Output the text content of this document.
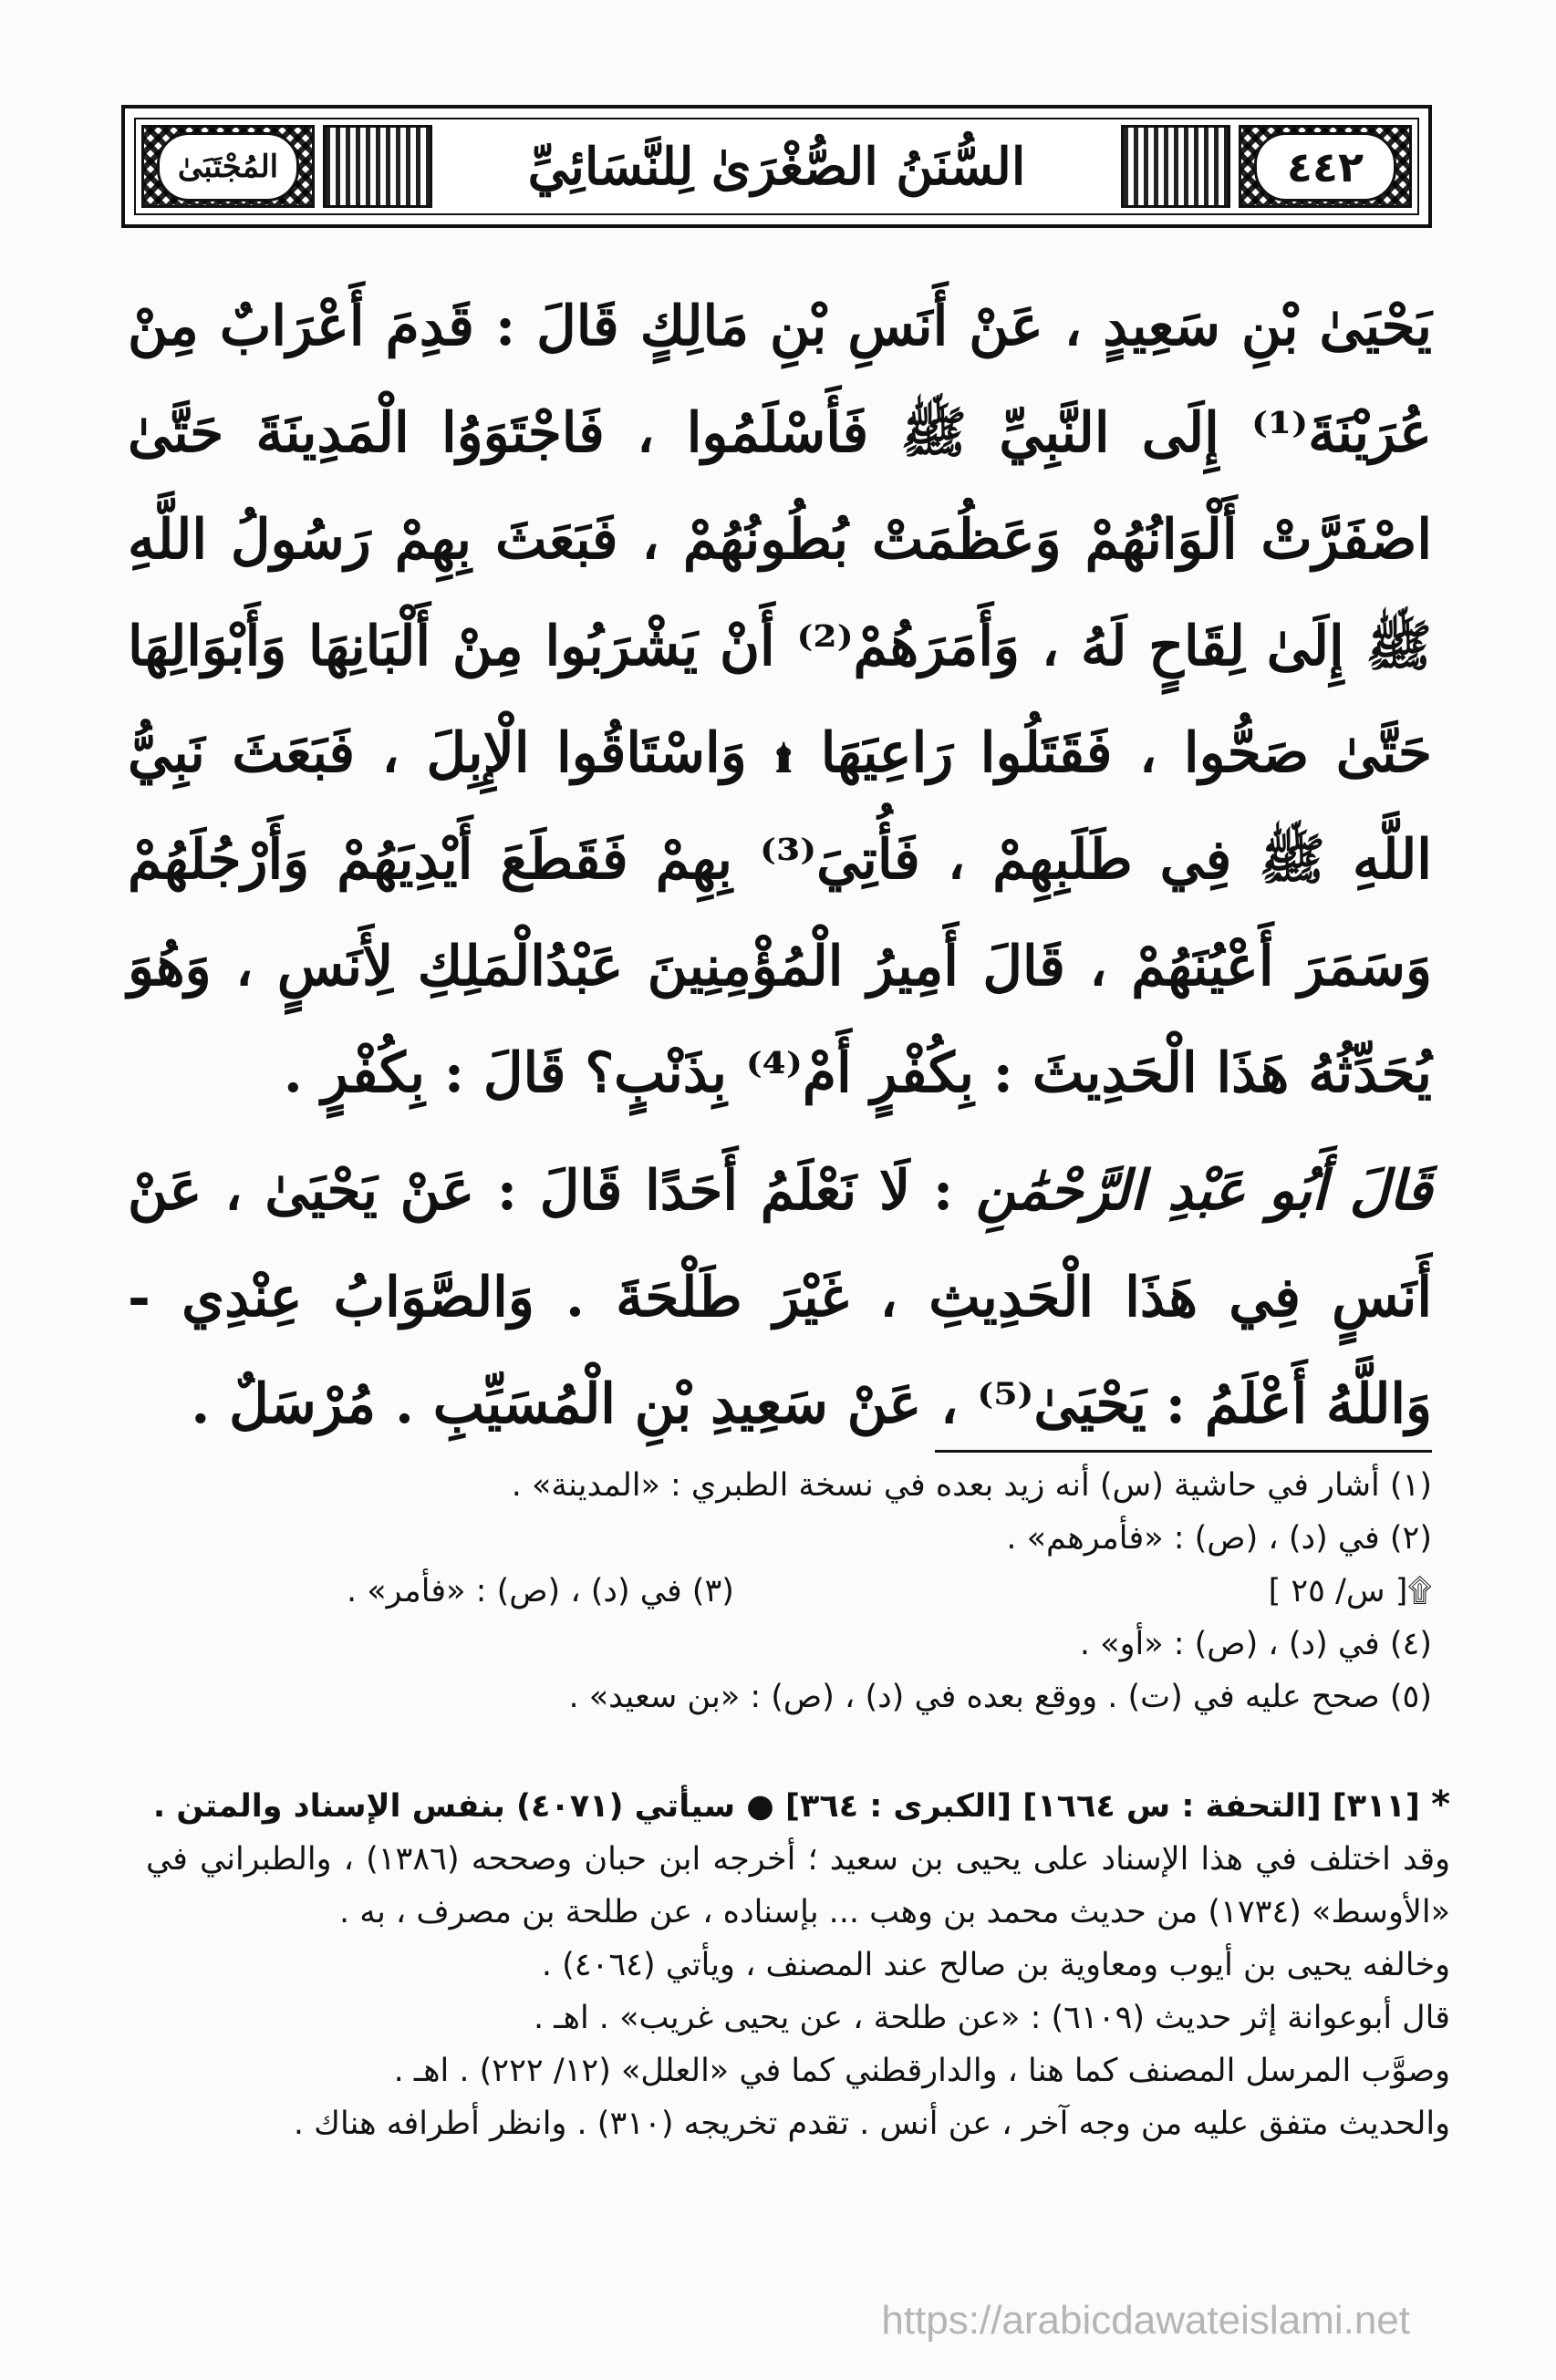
٤٤٢
السُّنَنُ الصُّغْرَىٰ لِلنَّسَائِيِّ
المُجْتَبَىٰ

يَحْيَىٰ بْنِ سَعِيدٍ ، عَنْ أَنَسِ بْنِ مَالِكٍ قَالَ : قَدِمَ أَعْرَابٌ مِنْ عُرَيْنَةَ⁽¹⁾ إِلَى النَّبِيِّ ﷺ فَأَسْلَمُوا ، فَاجْتَوَوُا الْمَدِينَةَ حَتَّىٰ اصْفَرَّتْ أَلْوَانُهُمْ وَعَظُمَتْ بُطُونُهُمْ ، فَبَعَثَ بِهِمْ رَسُولُ اللَّهِ ﷺ إِلَىٰ لِقَاحٍ لَهُ ، وَأَمَرَهُمْ⁽²⁾ أَنْ يَشْرَبُوا مِنْ أَلْبَانِهَا وَأَبْوَالِهَا حَتَّىٰ صَحُّوا ، فَقَتَلُوا رَاعِيَهَا ۩ وَاسْتَاقُوا الْإِبِلَ ، فَبَعَثَ نَبِيُّ اللَّهِ ﷺ فِي طَلَبِهِمْ ، فَأُتِيَ⁽³⁾ بِهِمْ فَقَطَعَ أَيْدِيَهُمْ وَأَرْجُلَهُمْ وَسَمَرَ أَعْيُنَهُمْ ، قَالَ أَمِيرُ الْمُؤْمِنِينَ عَبْدُالْمَلِكِ لِأَنَسٍ ، وَهُوَ يُحَدِّثُهُ هَذَا الْحَدِيثَ : بِكُفْرٍ أَمْ⁽⁴⁾ بِذَنْبٍ؟ قَالَ : بِكُفْرٍ .

قَالَ أَبُو عَبْدِ الرَّحْمَٰنِ : لَا نَعْلَمُ أَحَدًا قَالَ : عَنْ يَحْيَىٰ ، عَنْ أَنَسٍ فِي هَذَا الْحَدِيثِ ، غَيْرَ طَلْحَةَ . وَالصَّوَابُ عِنْدِي - وَاللَّهُ أَعْلَمُ : يَحْيَىٰ⁽⁵⁾ ، عَنْ سَعِيدِ بْنِ الْمُسَيِّبِ . مُرْسَلٌ .

(١) أشار في حاشية (س) أنه زيد بعده في نسخة الطبري : «المدينة» .

(٢) في (د) ، (ص) : «فأمرهم» .

۩[ س/ ٢٥ ]
(٣) في (د) ، (ص) : «فأمر» .

(٤) في (د) ، (ص) : «أو» .

(٥) صحح عليه في (ت) . ووقع بعده في (د) ، (ص) : «بن سعيد» .

* [٣١١] [التحفة : س ١٦٦٤] [الكبرى : ٣٦٤] ● سيأتي (٤٠٧١) بنفس الإسناد والمتن .

وقد اختلف في هذا الإسناد على يحيى بن سعيد ؛ أخرجه ابن حبان وصححه (١٣٨٦) ، والطبراني في «الأوسط» (١٧٣٤) من حديث محمد بن وهب ... بإسناده ، عن طلحة بن مصرف ، به .

وخالفه يحيى بن أيوب ومعاوية بن صالح عند المصنف ، ويأتي (٤٠٦٤) .

قال أبوعوانة إثر حديث (٦١٠٩) : «عن طلحة ، عن يحيى غريب» . اهـ .

وصوَّب المرسل المصنف كما هنا ، والدارقطني كما في «العلل» (١٢/ ٢٢٢) . اهـ .

والحديث متفق عليه من وجه آخر ، عن أنس . تقدم تخريجه (٣١٠) . وانظر أطرافه هناك .

https://arabicdawateislami.net
